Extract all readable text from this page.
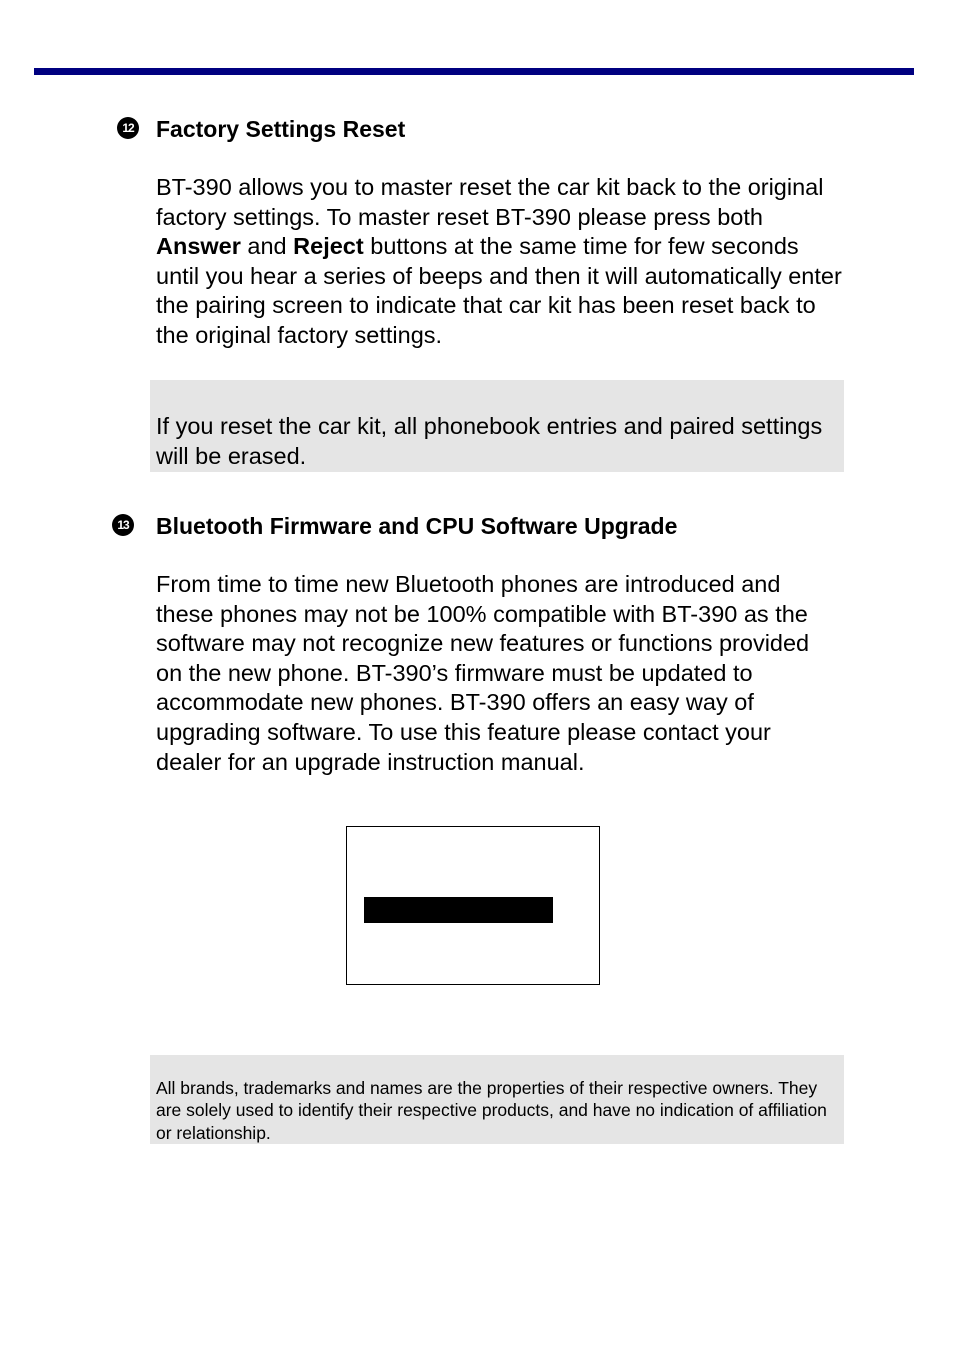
12 Factory Settings Reset

BT-390 allows you to master reset the car kit back to the original factory settings. To master reset BT-390 please press both Answer and Reject buttons at the same time for few seconds until you hear a series of beeps and then it will automatically enter the pairing screen to indicate that car kit has been reset back to the original factory settings.

If you reset the car kit, all phonebook entries and paired settings will be erased.

13 Bluetooth Firmware and CPU Software Upgrade

From time to time new Bluetooth phones are introduced and these phones may not be 100% compatible with BT-390 as the software may not recognize new features or functions provided on the new phone. BT-390’s firmware must be updated to accommodate new phones. BT-390 offers an easy way of upgrading software. To use this feature please contact your dealer for an upgrade instruction manual.

All brands, trademarks and names are the properties of their respective owners. They are solely used to identify their respective products, and have no indication of affiliation or relationship.
